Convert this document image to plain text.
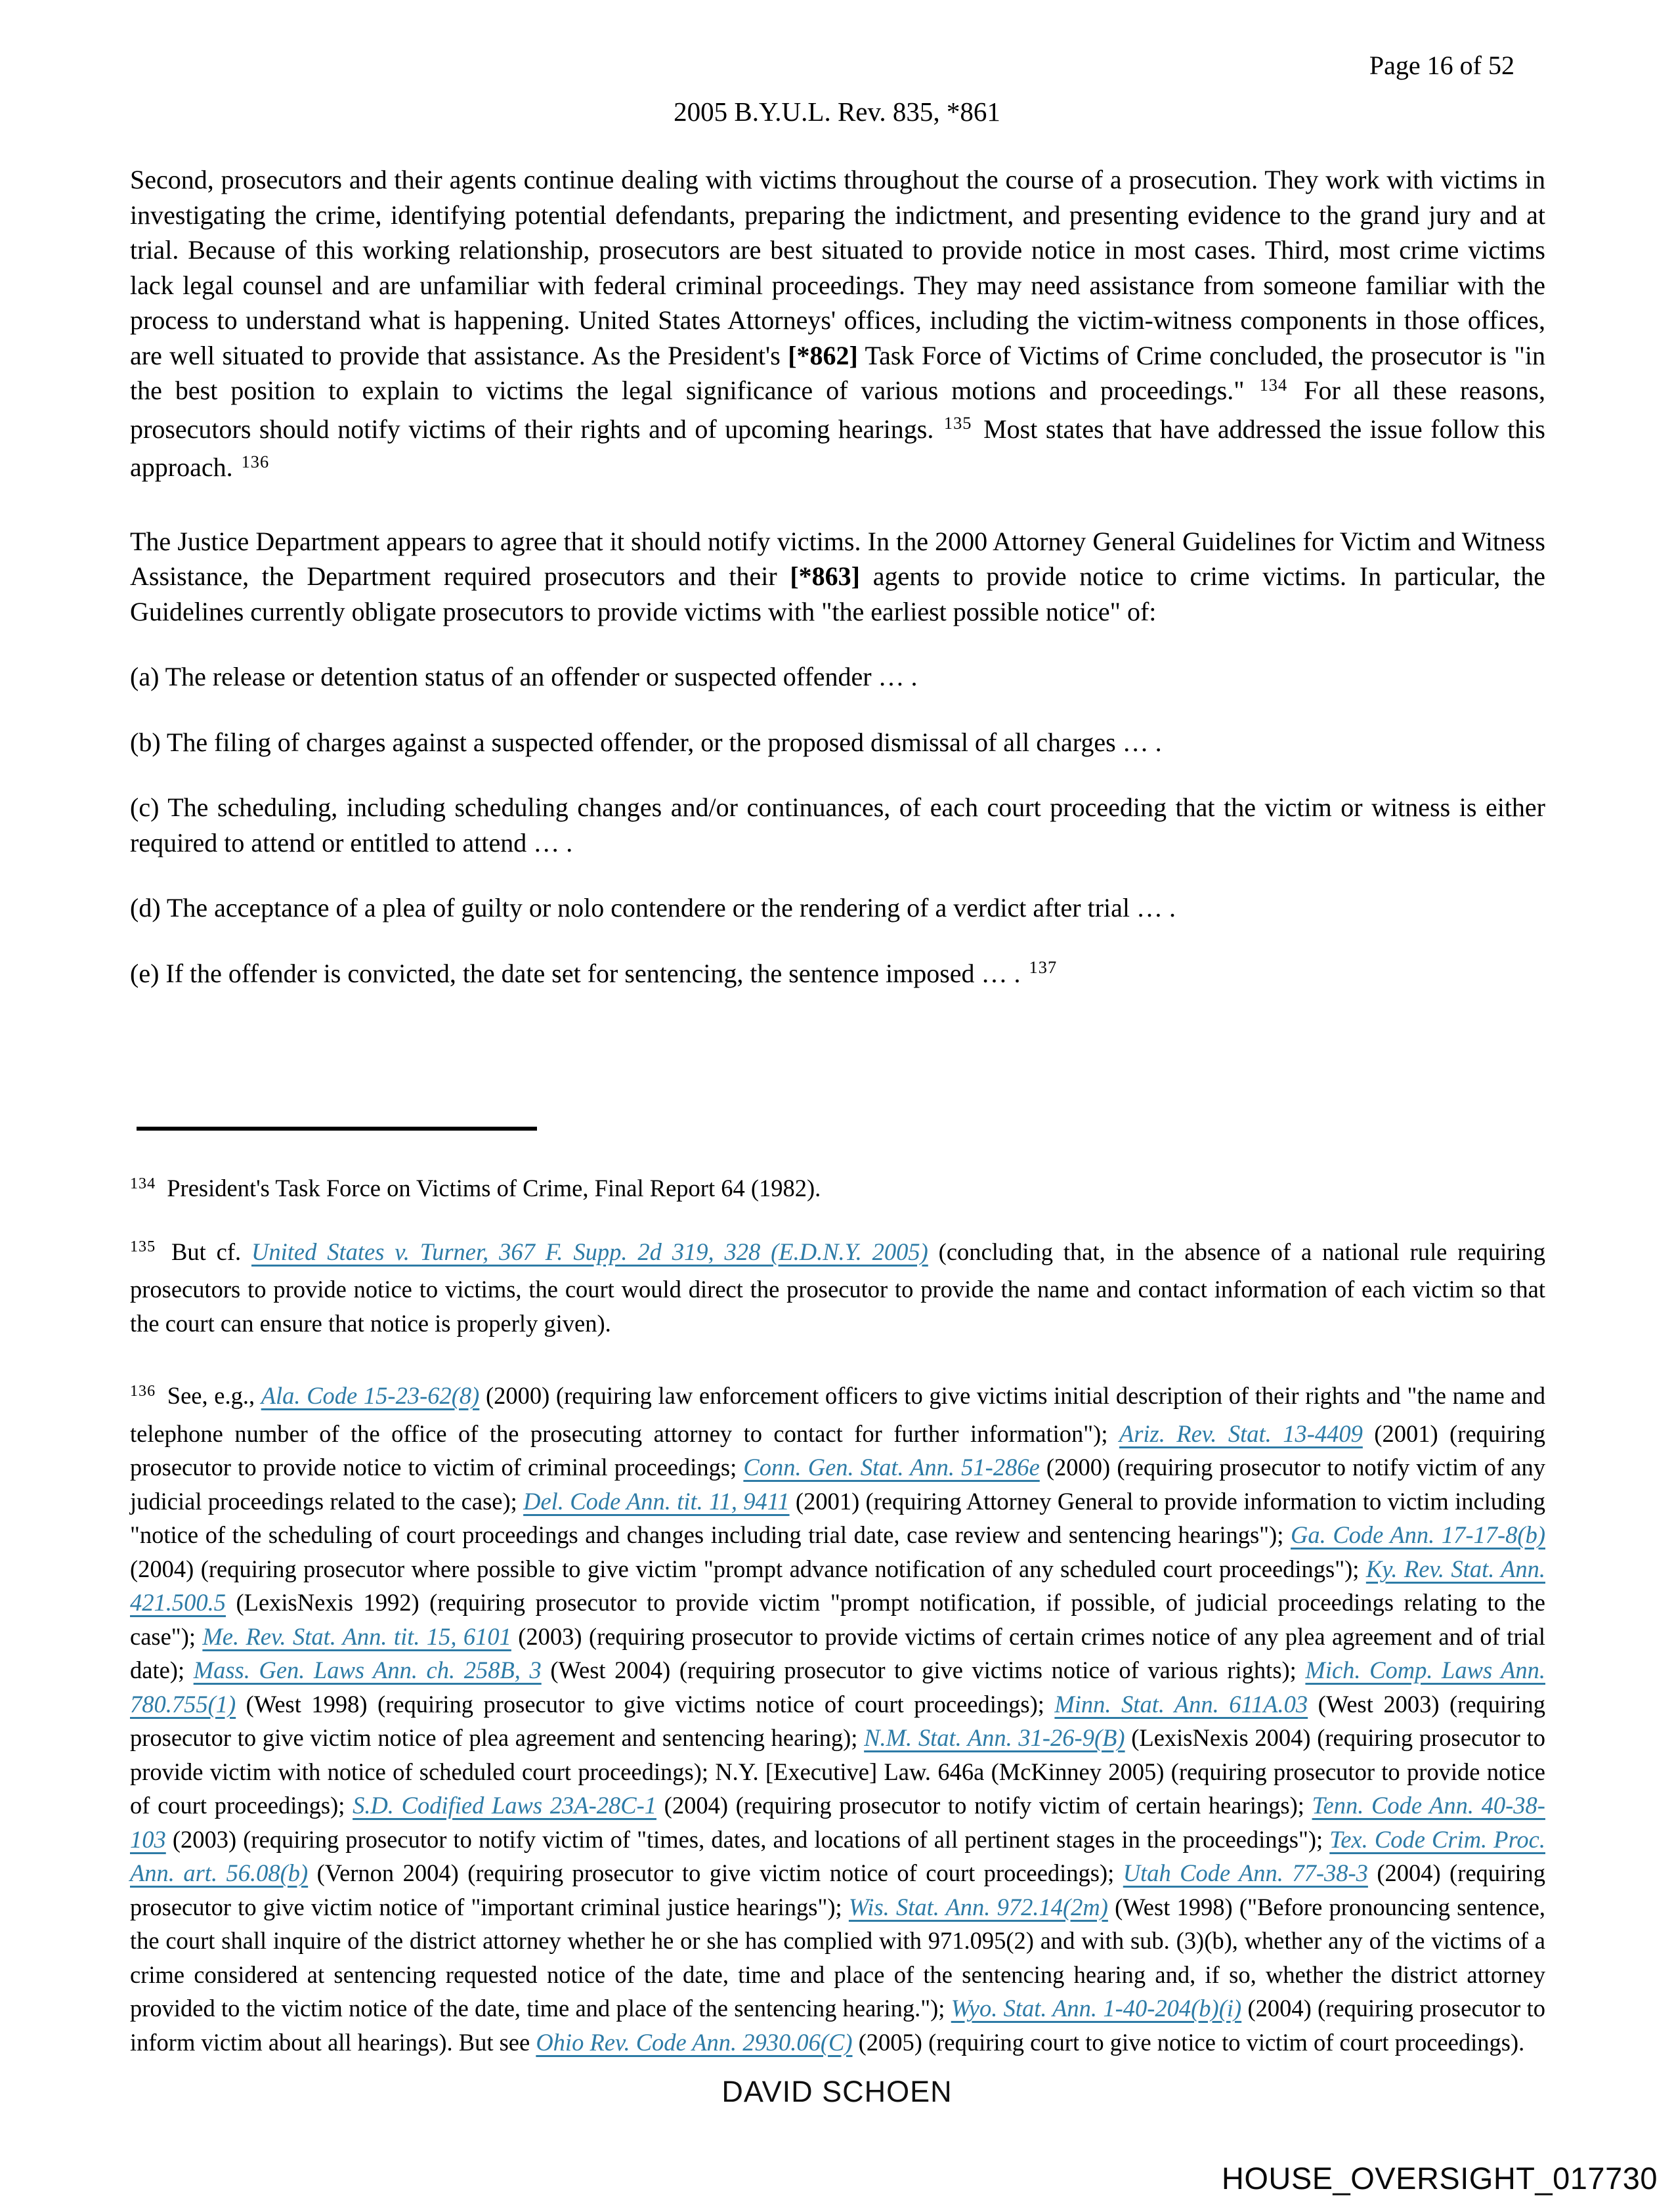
Page 16 of 52
2005 B.Y.U.L. Rev. 835, *861

Second, prosecutors and their agents continue dealing with victims throughout the course of a prosecution. They work with victims in investigating the crime, identifying potential defendants, preparing the indictment, and presenting evidence to the grand jury and at trial. Because of this working relationship, prosecutors are best situated to provide notice in most cases. Third, most crime victims lack legal counsel and are unfamiliar with federal criminal proceedings. They may need assistance from someone familiar with the process to understand what is happening. United States Attorneys' offices, including the victim-witness components in those offices, are well situated to provide that assistance. As the President's [*862] Task Force of Victims of Crime concluded, the prosecutor is "in the best position to explain to victims the legal significance of various motions and proceedings." $^{134}$ For all these reasons, prosecutors should notify victims of their rights and of upcoming hearings. $^{135}$ Most states that have addressed the issue follow this approach. $^{136}$

The Justice Department appears to agree that it should notify victims. In the 2000 Attorney General Guidelines for Victim and Witness Assistance, the Department required prosecutors and their [*863] agents to provide notice to crime victims. In particular, the Guidelines currently obligate prosecutors to provide victims with "the earliest possible notice" of:

(a) The release or detention status of an offender or suspected offender … .

(b) The filing of charges against a suspected offender, or the proposed dismissal of all charges … .

(c) The scheduling, including scheduling changes and/or continuances, of each court proceeding that the victim or witness is either required to attend or entitled to attend … .

(d) The acceptance of a plea of guilty or nolo contendere or the rendering of a verdict after trial … .

(e) If the offender is convicted, the date set for sentencing, the sentence imposed … . $^{137}$

$^{134}$ President's Task Force on Victims of Crime, Final Report 64 (1982).

$^{135}$ But cf. United States v. Turner, 367 F. Supp. 2d 319, 328 (E.D.N.Y. 2005) (concluding that, in the absence of a national rule requiring prosecutors to provide notice to victims, the court would direct the prosecutor to provide the name and contact information of each victim so that the court can ensure that notice is properly given).

$^{136}$ See, e.g., Ala. Code 15-23-62(8) (2000) (requiring law enforcement officers to give victims initial description of their rights and "the name and telephone number of the office of the prosecuting attorney to contact for further information"); Ariz. Rev. Stat. 13-4409 (2001) (requiring prosecutor to provide notice to victim of criminal proceedings; Conn. Gen. Stat. Ann. 51-286e (2000) (requiring prosecutor to notify victim of any judicial proceedings related to the case); Del. Code Ann. tit. 11, 9411 (2001) (requiring Attorney General to provide information to victim including "notice of the scheduling of court proceedings and changes including trial date, case review and sentencing hearings"); Ga. Code Ann. 17-17-8(b) (2004) (requiring prosecutor where possible to give victim "prompt advance notification of any scheduled court proceedings"); Ky. Rev. Stat. Ann. 421.500.5 (LexisNexis 1992) (requiring prosecutor to provide victim "prompt notification, if possible, of judicial proceedings relating to the case"); Me. Rev. Stat. Ann. tit. 15, 6101 (2003) (requiring prosecutor to provide victims of certain crimes notice of any plea agreement and of trial date); Mass. Gen. Laws Ann. ch. 258B, 3 (West 2004) (requiring prosecutor to give victims notice of various rights); Mich. Comp. Laws Ann. 780.755(1) (West 1998) (requiring prosecutor to give victims notice of court proceedings); Minn. Stat. Ann. 611A.03 (West 2003) (requiring prosecutor to give victim notice of plea agreement and sentencing hearing); N.M. Stat. Ann. 31-26-9(B) (LexisNexis 2004) (requiring prosecutor to provide victim with notice of scheduled court proceedings); N.Y. [Executive] Law. 646a (McKinney 2005) (requiring prosecutor to provide notice of court proceedings); S.D. Codified Laws 23A-28C-1 (2004) (requiring prosecutor to notify victim of certain hearings); Tenn. Code Ann. 40-38-103 (2003) (requiring prosecutor to notify victim of "times, dates, and locations of all pertinent stages in the proceedings"); Tex. Code Crim. Proc. Ann. art. 56.08(b) (Vernon 2004) (requiring prosecutor to give victim notice of court proceedings); Utah Code Ann. 77-38-3 (2004) (requiring prosecutor to give victim notice of "important criminal justice hearings"); Wis. Stat. Ann. 972.14(2m) (West 1998) ("Before pronouncing sentence, the court shall inquire of the district attorney whether he or she has complied with 971.095(2) and with sub. (3)(b), whether any of the victims of a crime considered at sentencing requested notice of the date, time and place of the sentencing hearing and, if so, whether the district attorney provided to the victim notice of the date, time and place of the sentencing hearing."); Wyo. Stat. Ann. 1-40-204(b)(i) (2004) (requiring prosecutor to inform victim about all hearings). But see Ohio Rev. Code Ann. 2930.06(C) (2005) (requiring court to give notice to victim of court proceedings).

DAVID SCHOEN
HOUSE_OVERSIGHT_017730
